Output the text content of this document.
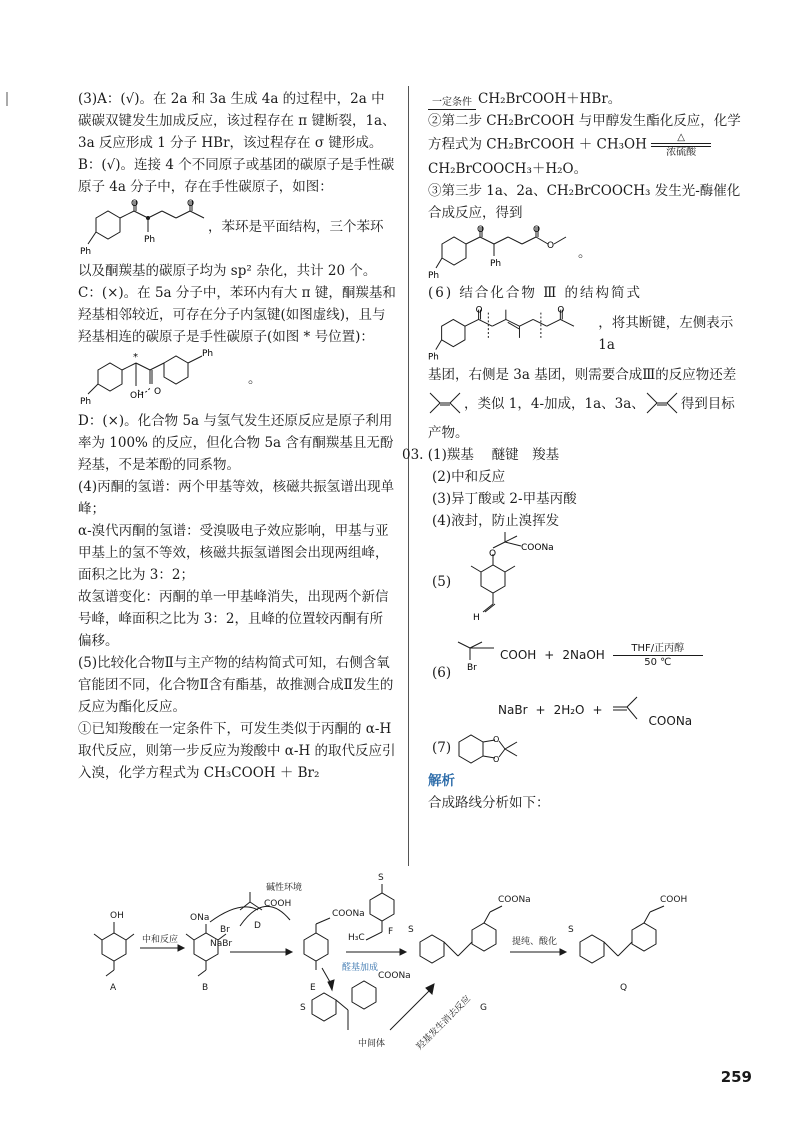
(3)A：(√)。在 2a 和 3a 生成 4a 的过程中，2a 中碳碳双键发生加成反应，该过程存在 π 键断裂，1a、3a 反应形成 1 分子 HBr，该过程存在 σ 键形成。

B：(√)。连接 4 个不同原子或基团的碳原子是手性碳原子 4a 分子中，存在手性碳原子，如图：

O	O
Ph
Ph
，苯环是平面结构，三个苯环

以及酮羰基的碳原子均为 sp² 杂化，共计 20 个。

C：(×)。在 5a 分子中，苯环内有大 π 键，酮羰基和羟基相邻较近，可存在分子内氢键(如图虚线)，且与羟基相连的碳原子是手性碳原子(如图 * 号位置)：

*
OH O
Ph
Ph
。

D：(×)。化合物 5a 与氢气发生还原反应是原子利用率为 100% 的反应，但化合物 5a 含有酮羰基且无酚羟基，不是苯酚的同系物。

(4)丙酮的氢谱：两个甲基等效，核磁共振氢谱出现单峰；

α-溴代丙酮的氢谱：受溴吸电子效应影响，甲基与亚甲基上的氢不等效，核磁共振氢谱图会出现两组峰，面积之比为 3：2；

故氢谱变化：丙酮的单一甲基峰消失，出现两个新信号峰，峰面积之比为 3：2，且峰的位置较丙酮有所偏移。

(5)比较化合物Ⅱ与主产物的结构简式可知，右侧含氧官能团不同，化合物Ⅱ含有酯基，故推测合成Ⅱ发生的反应为酯化反应。

①已知羧酸在一定条件下，可发生类似于丙酮的 α-H 取代反应，则第一步反应为羧酸中 α-H 的取代反应引入溴，化学方程式为 CH₃COOH ＋ Br₂

一定条件 CH₂BrCOOH＋HBr。

②第二步 CH₂BrCOOH 与甲醇发生酯化反应，化学方程式为 CH₂BrCOOH ＋ CH₃OH	△

浓硫酸

CH₂BrCOOCH₃＋H₂O。

③第三步 1a、2a、CH₂BrCOOCH₃ 发生光-酶催化合成反应，得到

O	O
O
Ph
Ph
。

(6) 结合化合物 Ⅲ 的结构简式

O	O
Ph
，将其断键，左侧表示 1a

基团，右侧是 3a 基团，则需要合成Ⅲ的反应物还差

，类似 1，4-加成，1a、3a、	得到目标

产物。

03. (1)羰基　 醚键　羧基

(2)中和反应

(3)异丁酸或 2-甲基丙酸

(4)液封，防止溴挥发

(5)
O
COONa
H
(6) Br
COOH + 2NaOH	THF/正丙醇
50 ℃
NaBr + 2H₂O +
COONa
(7)
O
O

解析

合成路线分析如下：

OH
A
中和反应
ONa
Br
NaBr
B
COOH
D
碱性环境
COONa
E
H₃C
S
F
醛基加成
S
COONa
G
提纯、酸化
S
COOH
Q
S
COONa
中间体	羟基发生消去反应
259
